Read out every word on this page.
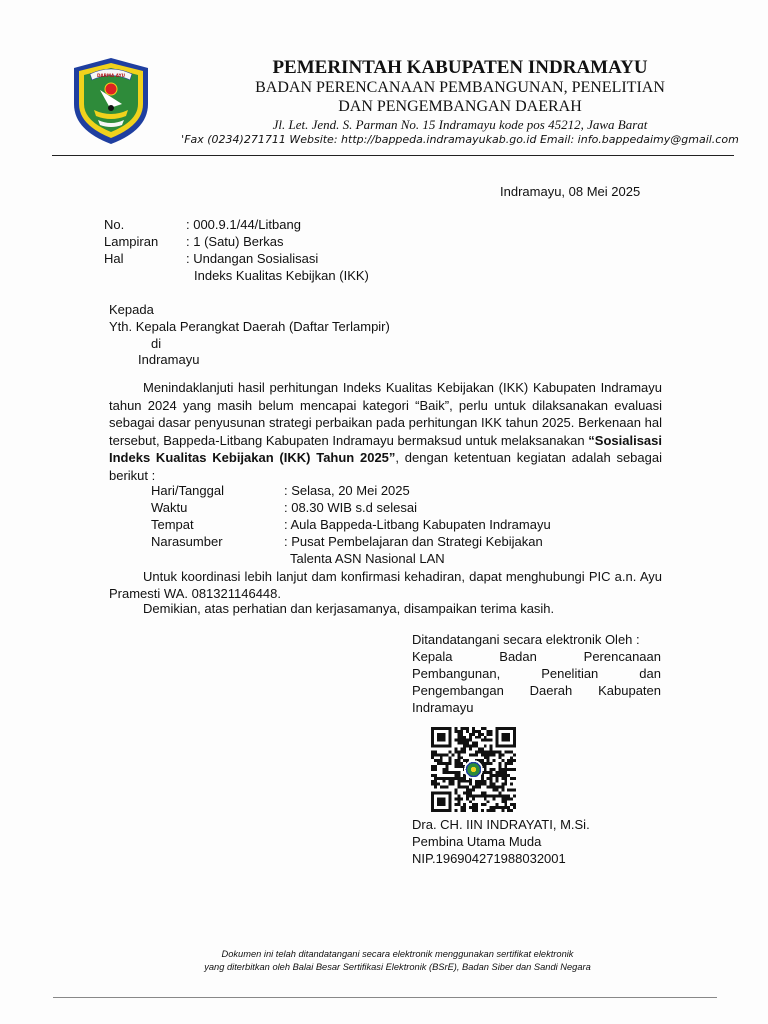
DARMA AYU	PEMERINTAH KABUPATEN INDRAMAYU
BADAN PERENCANAAN PEMBANGUNAN, PENELITIAN
DAN PENGEMBANGAN DAERAH
Jl. Let. Jend. S. Parman No. 15 Indramayu kode pos 45212, Jawa Barat
'Fax (0234)271711 Website: http://bappeda.indramayukab.go.id Email: info.bappedaimy@gmail.com
Indramayu, 08 Mei 2025
No.	: 000.9.1/44/Litbang
Lampiran : 1 (Satu) Berkas
Hal	: Undangan Sosialisasi
Indeks Kualitas Kebijkan (IKK)
Kepada
Yth. Kepala Perangkat Daerah (Daftar Terlampir)
di
Indramayu

Menindaklanjuti hasil perhitungan Indeks Kualitas Kebijakan (IKK) Kabupaten Indramayu tahun 2024 yang masih belum mencapai kategori “Baik”, perlu untuk dilaksanakan evaluasi sebagai dasar penyusunan strategi perbaikan pada perhitungan IKK tahun 2025. Berkenaan hal tersebut, Bappeda-Litbang Kabupaten Indramayu bermaksud untuk melaksanakan “Sosialisasi Indeks Kualitas Kebijakan (IKK) Tahun 2025”, dengan ketentuan kegiatan adalah sebagai berikut :

Hari/Tanggal	: Selasa, 20 Mei 2025
Waktu	: 08.30 WIB s.d selesai
Tempat	: Aula Bappeda-Litbang Kabupaten Indramayu
Narasumber	: Pusat Pembelajaran dan Strategi Kebijakan
Talenta ASN Nasional LAN
Untuk koordinasi lebih lanjut dam konfirmasi kehadiran, dapat menghubungi PIC a.n. Ayu Pramesti WA. 081321146448.
Demikian, atas perhatian dan kerjasamanya, disampaikan terima kasih.
Ditandatangani secara elektronik Oleh :
Kepala Badan Perencanaan
Pembangunan, Penelitian dan
Pengembangan Daerah Kabupaten
Indramayu
Dra. CH. IIN INDRAYATI, M.Si.
Pembina Utama Muda
NIP.196904271988032001
Dokumen ini telah ditandatangani secara elektronik menggunakan sertifikat elektronik
yang diterbitkan oleh Balai Besar Sertifikasi Elektronik (BSrE), Badan Siber dan Sandi Negara
